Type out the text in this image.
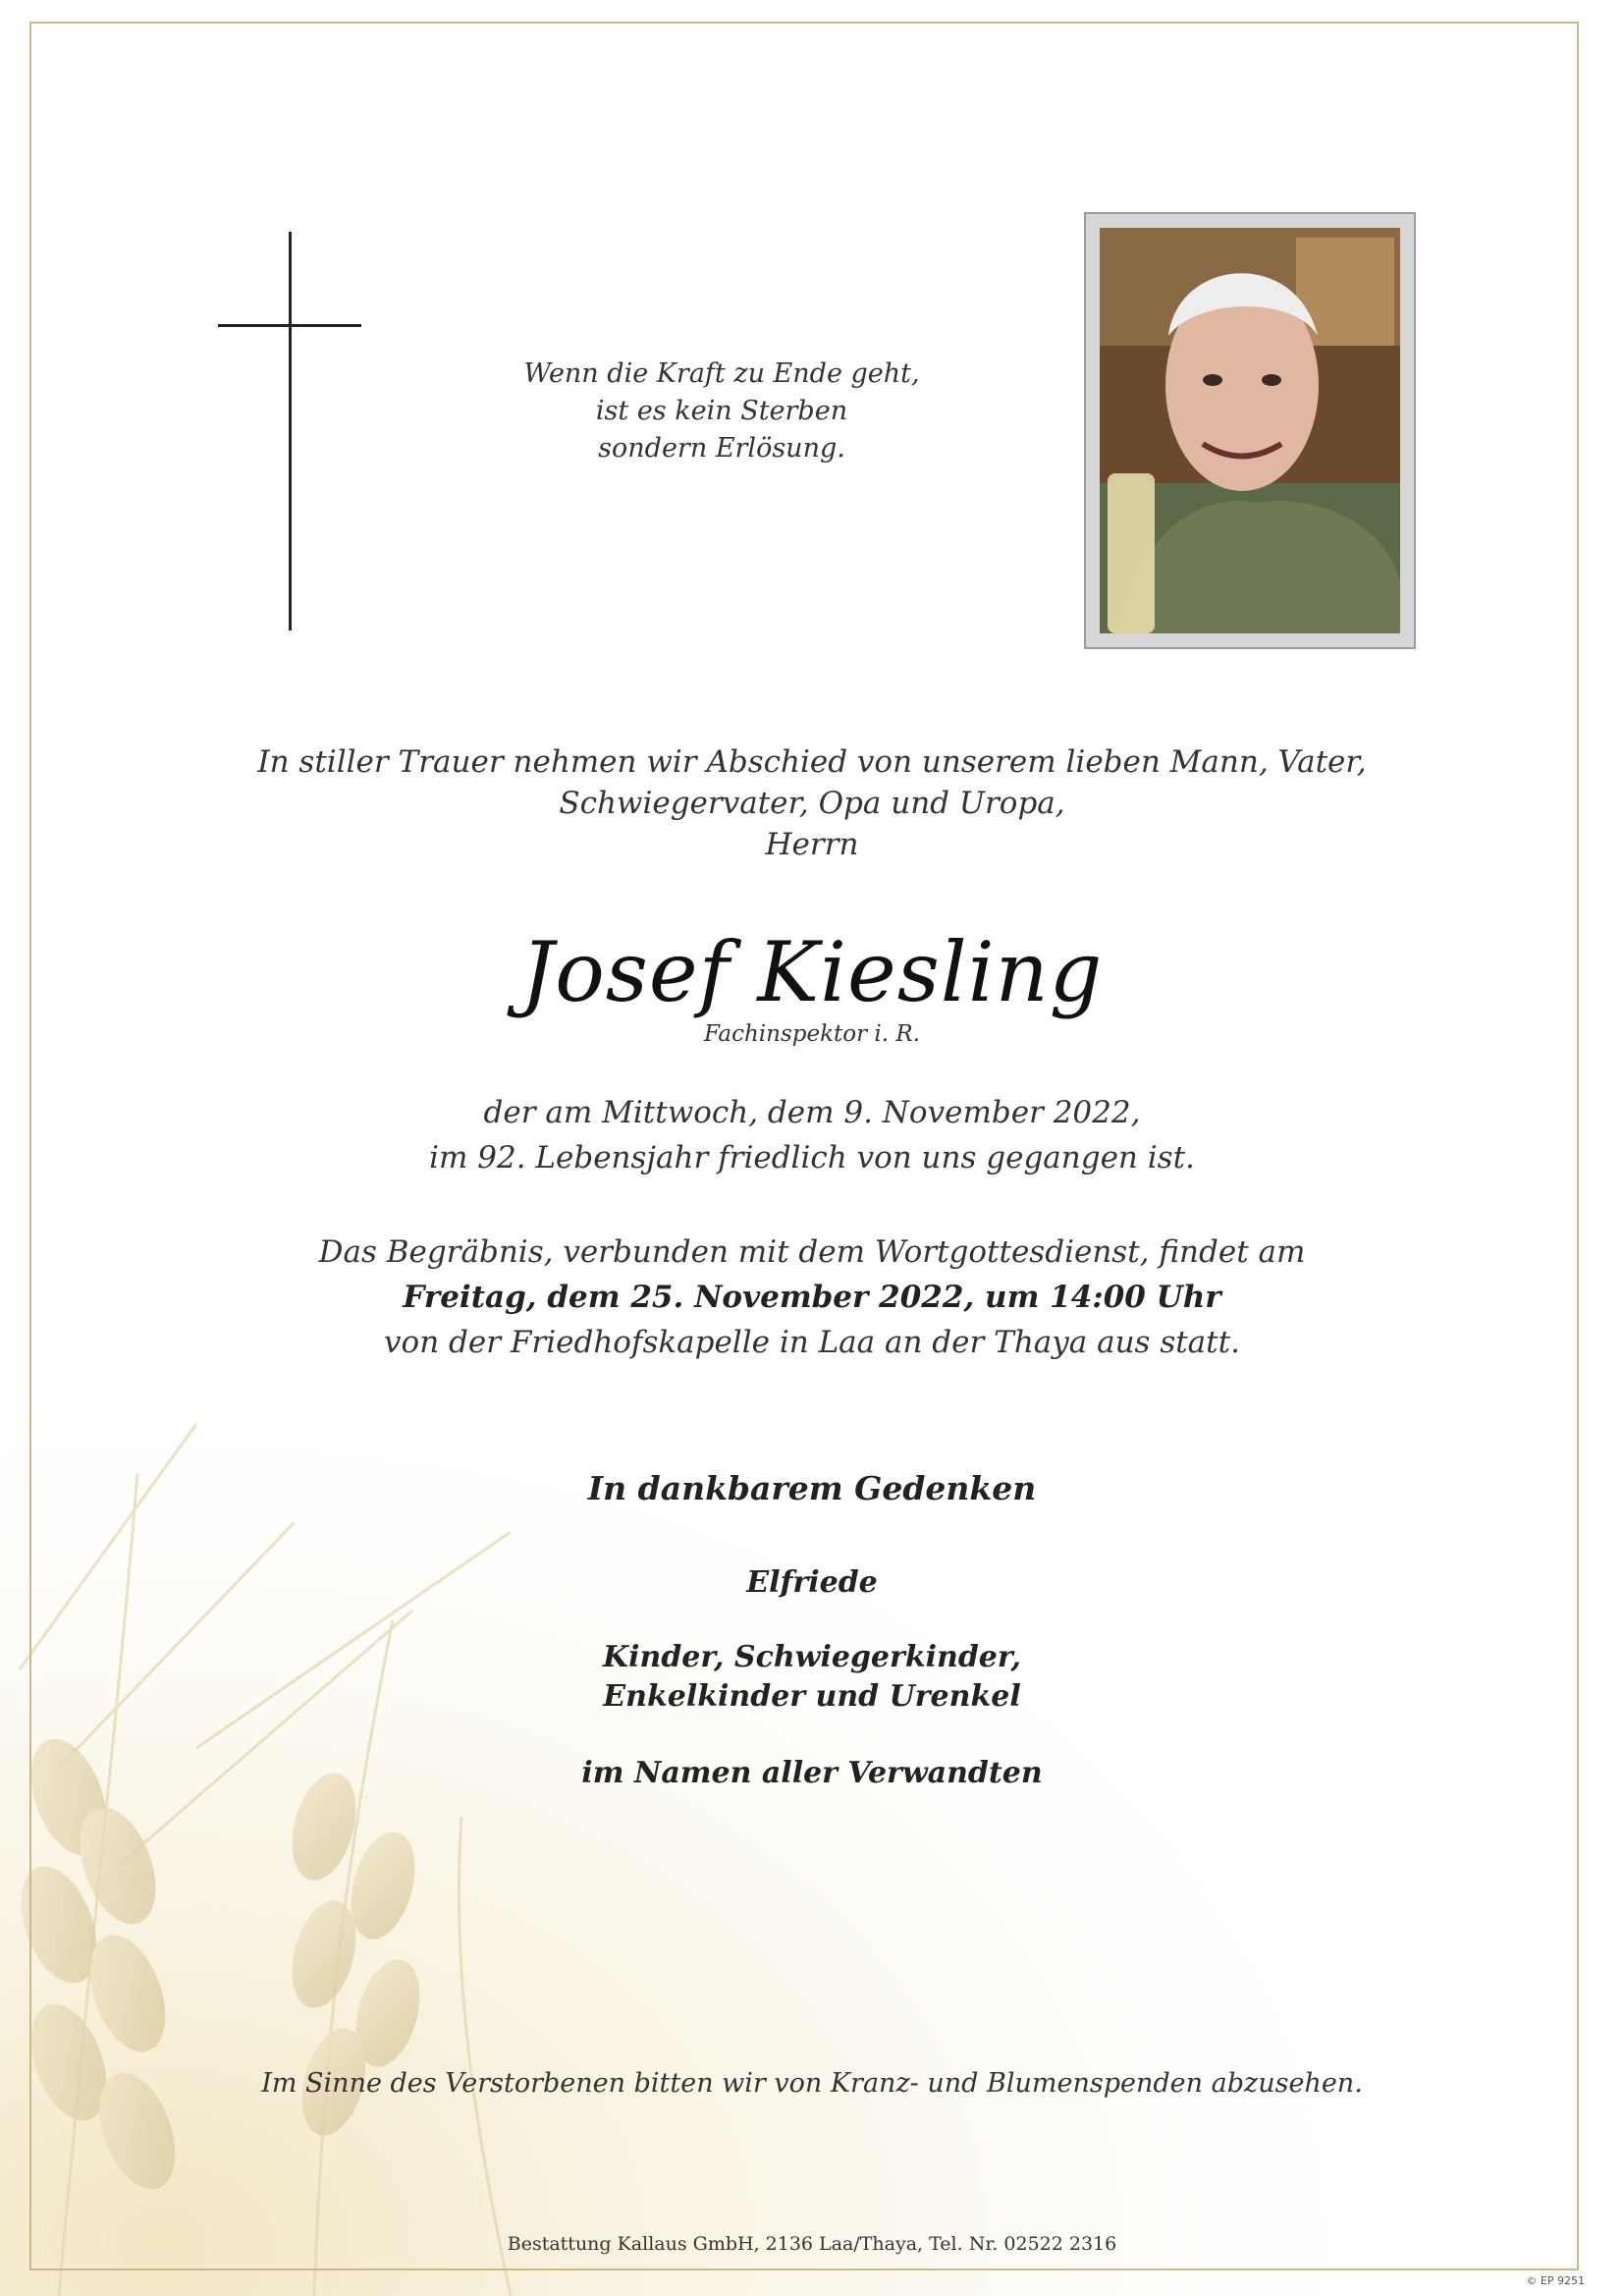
Wenn die Kraft zu Ende geht,
ist es kein Sterben
sondern Erlösung.
In stiller Trauer nehmen wir Abschied von unserem lieben Mann, Vater,
Schwiegervater, Opa und Uropa,
Herrn
Josef Kiesling
Fachinspektor i. R.
der am Mittwoch, dem 9. November 2022,
im 92. Lebensjahr friedlich von uns gegangen ist.
Das Begräbnis, verbunden mit dem Wortgottesdienst, findet am
Freitag, dem 25. November 2022, um 14:00 Uhr
von der Friedhofskapelle in Laa an der Thaya aus statt.
In dankbarem Gedenken
Elfriede
Kinder, Schwiegerkinder,
Enkelkinder und Urenkel
im Namen aller Verwandten
Im Sinne des Verstorbenen bitten wir von Kranz- und Blumenspenden abzusehen.
Bestattung Kallaus GmbH, 2136 Laa/Thaya, Tel. Nr. 02522 2316
© EP 9251
